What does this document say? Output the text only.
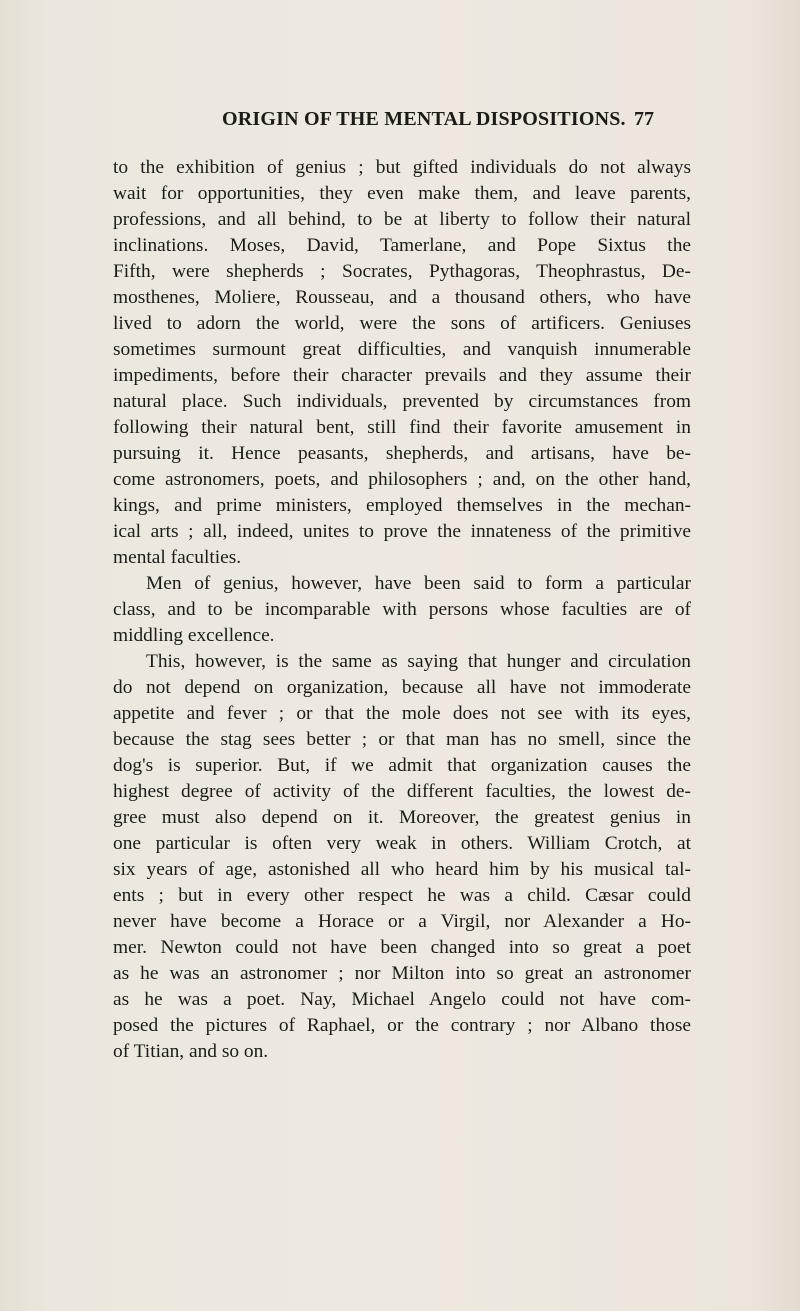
ORIGIN OF THE MENTAL DISPOSITIONS. 77
to the exhibition of genius ; but gifted individuals do not always
wait for opportunities, they even make them, and leave parents,
professions, and all behind, to be at liberty to follow their natural
inclinations. Moses, David, Tamerlane, and Pope Sixtus the
Fifth, were shepherds ; Socrates, Pythagoras, Theophrastus, De-
mosthenes, Moliere, Rousseau, and a thousand others, who have
lived to adorn the world, were the sons of artificers. Geniuses
sometimes surmount great difficulties, and vanquish innumerable
impediments, before their character prevails and they assume their
natural place. Such individuals, prevented by circumstances from
following their natural bent, still find their favorite amusement in
pursuing it. Hence peasants, shepherds, and artisans, have be-
come astronomers, poets, and philosophers ; and, on the other hand,
kings, and prime ministers, employed themselves in the mechan-
ical arts ; all, indeed, unites to prove the innateness of the primitive
mental faculties.
Men of genius, however, have been said to form a particular
class, and to be incomparable with persons whose faculties are of
middling excellence.
This, however, is the same as saying that hunger and circulation
do not depend on organization, because all have not immoderate
appetite and fever ; or that the mole does not see with its eyes,
because the stag sees better ; or that man has no smell, since the
dog's is superior. But, if we admit that organization causes the
highest degree of activity of the different faculties, the lowest de-
gree must also depend on it. Moreover, the greatest genius in
one particular is often very weak in others. William Crotch, at
six years of age, astonished all who heard him by his musical tal-
ents ; but in every other respect he was a child. Cæsar could
never have become a Horace or a Virgil, nor Alexander a Ho-
mer. Newton could not have been changed into so great a poet
as he was an astronomer ; nor Milton into so great an astronomer
as he was a poet. Nay, Michael Angelo could not have com-
posed the pictures of Raphael, or the contrary ; nor Albano those
of Titian, and so on.
